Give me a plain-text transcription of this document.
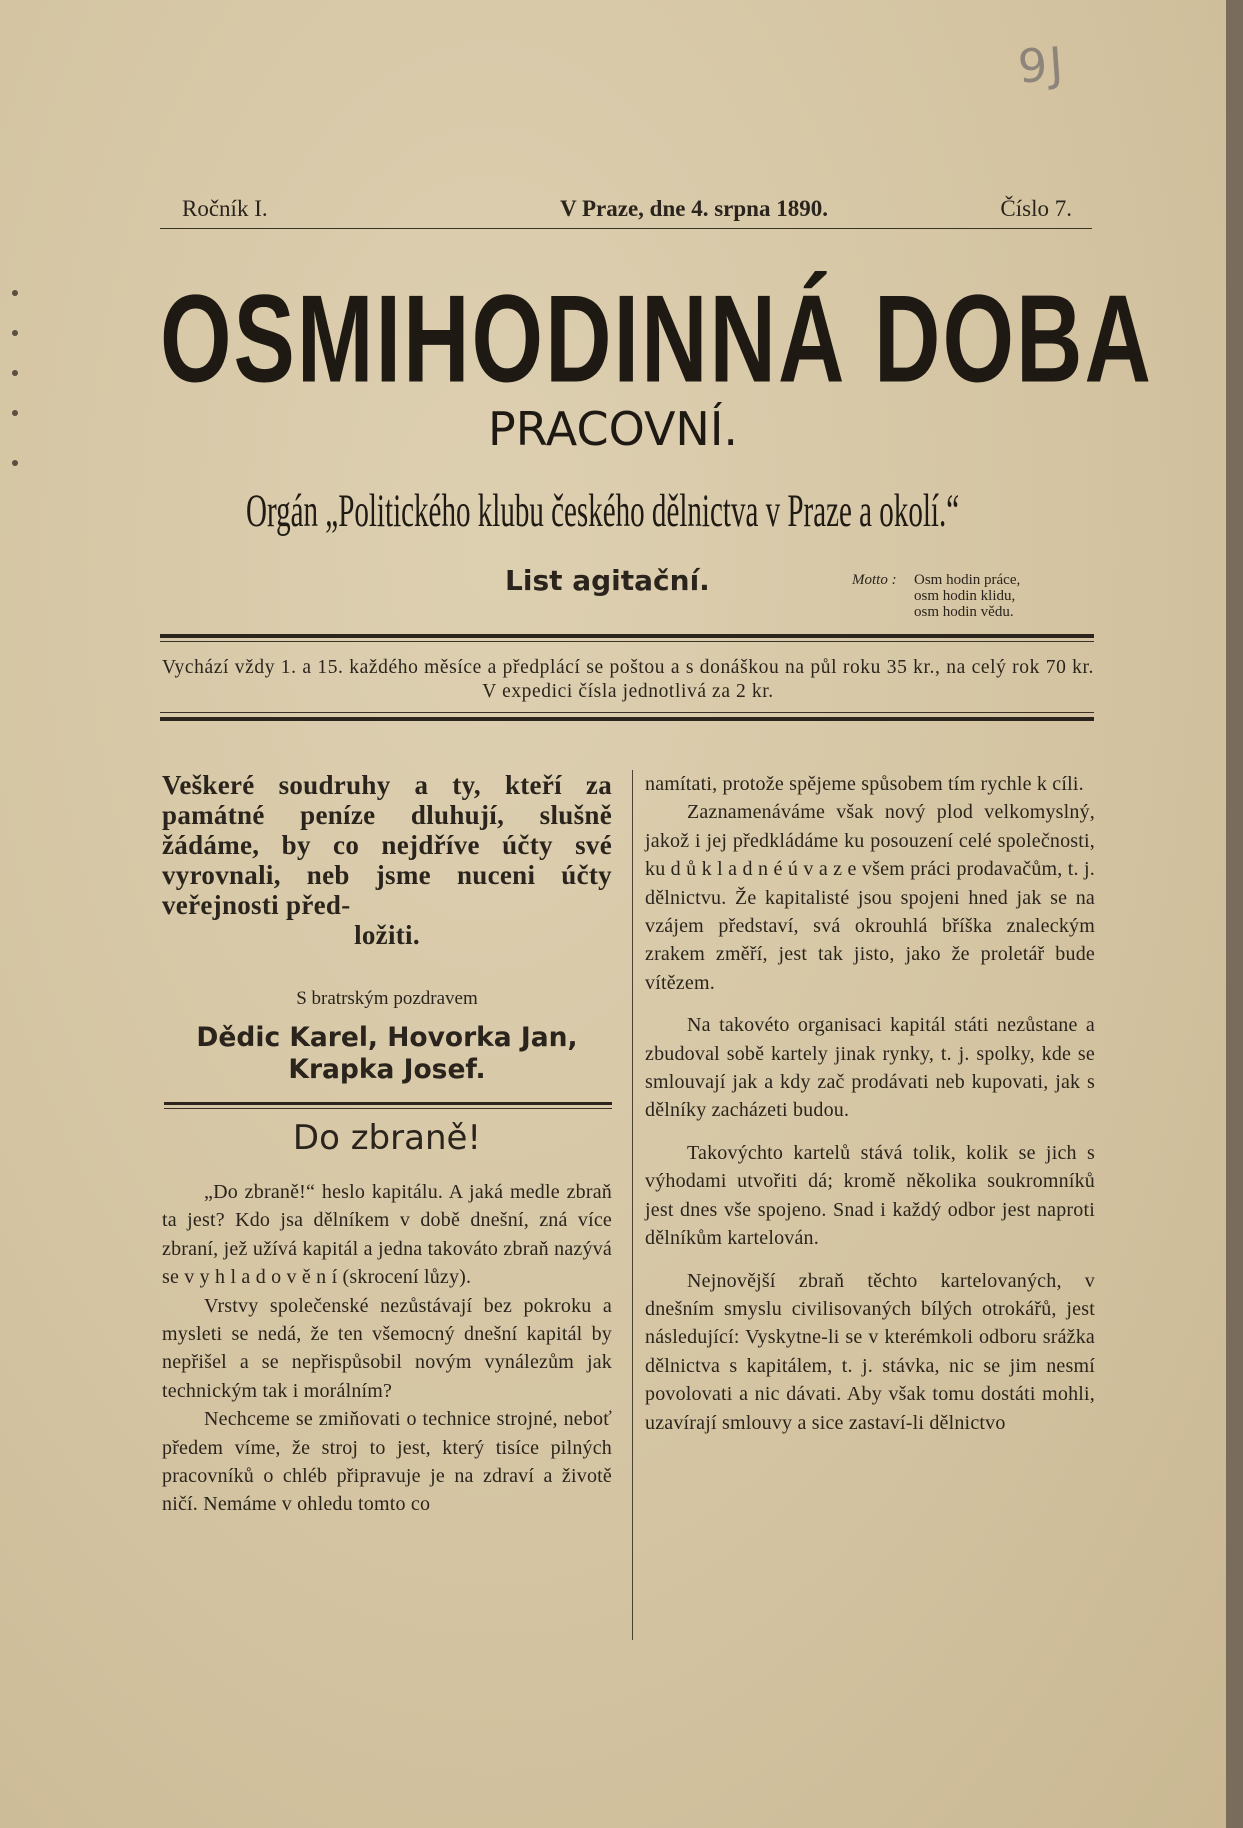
9J
Ročník I.	V Praze, dne 4. srpna 1890.	Číslo 7.
OSMIHODINNÁ DOBA
PRACOVNÍ.
Orgán „Politického klubu českého dělnictva v Praze a okolí.“
List agitační.	Motto : Osm hodin práce,
osm hodin klidu,
osm hodin vědu.
Vychází vždy 1. a 15. každého měsíce a předplácí se poštou a s donáškou na půl roku 35 kr., na celý rok 70 kr. V expedici čísla jednotlivá za 2 kr.
Veškeré soudruhy a ty, kteří za památné peníze dluhují, slušně žádáme, by co nejdříve účty své vyrovnali, neb jsme nuceni účty veřejnosti před-
ložiti.
S bratrským pozdravem
Dědic Karel, Hovorka Jan,
Krapka Josef.
Do zbraně!

„Do zbraně!“ heslo kapitálu. A jaká medle zbraň ta jest? Kdo jsa dělníkem v době dnešní, zná více zbraní, jež užívá kapitál a jedna takováto zbraň nazývá se v y h l a d o v ě n í (skrocení lůzy).

Vrstvy společenské nezůstávají bez pokroku a mysleti se nedá, že ten všemocný dnešní kapitál by nepřišel a se nepřispůsobil novým vynálezům jak technickým tak i morálním?

Nechceme se zmiňovati o technice strojné, neboť předem víme, že stroj to jest, který tisíce pilných pracovníků o chléb připravuje je na zdraví a životě ničí. Nemáme v ohledu tomto co

namítati, protože spějeme spůsobem tím rychle k cíli.

Zaznamenáváme však nový plod velkomyslný, jakož i jej předkládáme ku posouzení celé společnosti, ku d ů k l a d n é ú v a z e všem práci prodavačům, t. j. dělnictvu. Že kapitalisté jsou spojeni hned jak se na vzájem představí, svá okrouhlá bříška znaleckým zrakem změří, jest tak jisto, jako že proletář bude vítězem.

Na takovéto organisaci kapitál státi nezůstane a zbudoval sobě kartely jinak rynky, t. j. spolky, kde se smlouvají jak a kdy zač prodávati neb kupovati, jak s dělníky zacházeti budou.

Takovýchto kartelů stává tolik, kolik se jich s výhodami utvořiti dá; kromě několika soukromníků jest dnes vše spojeno. Snad i každý odbor jest naproti dělníkům kartelován.

Nejnovější zbraň těchto kartelovaných, v dnešním smyslu civilisovaných bílých otrokářů, jest následující: Vyskytne-li se v kterémkoli odboru srážka dělnictva s kapitálem, t. j. stávka, nic se jim nesmí povolovati a nic dávati. Aby však tomu dostáti mohli, uzavírají smlouvy a sice zastaví-li dělnictvo
